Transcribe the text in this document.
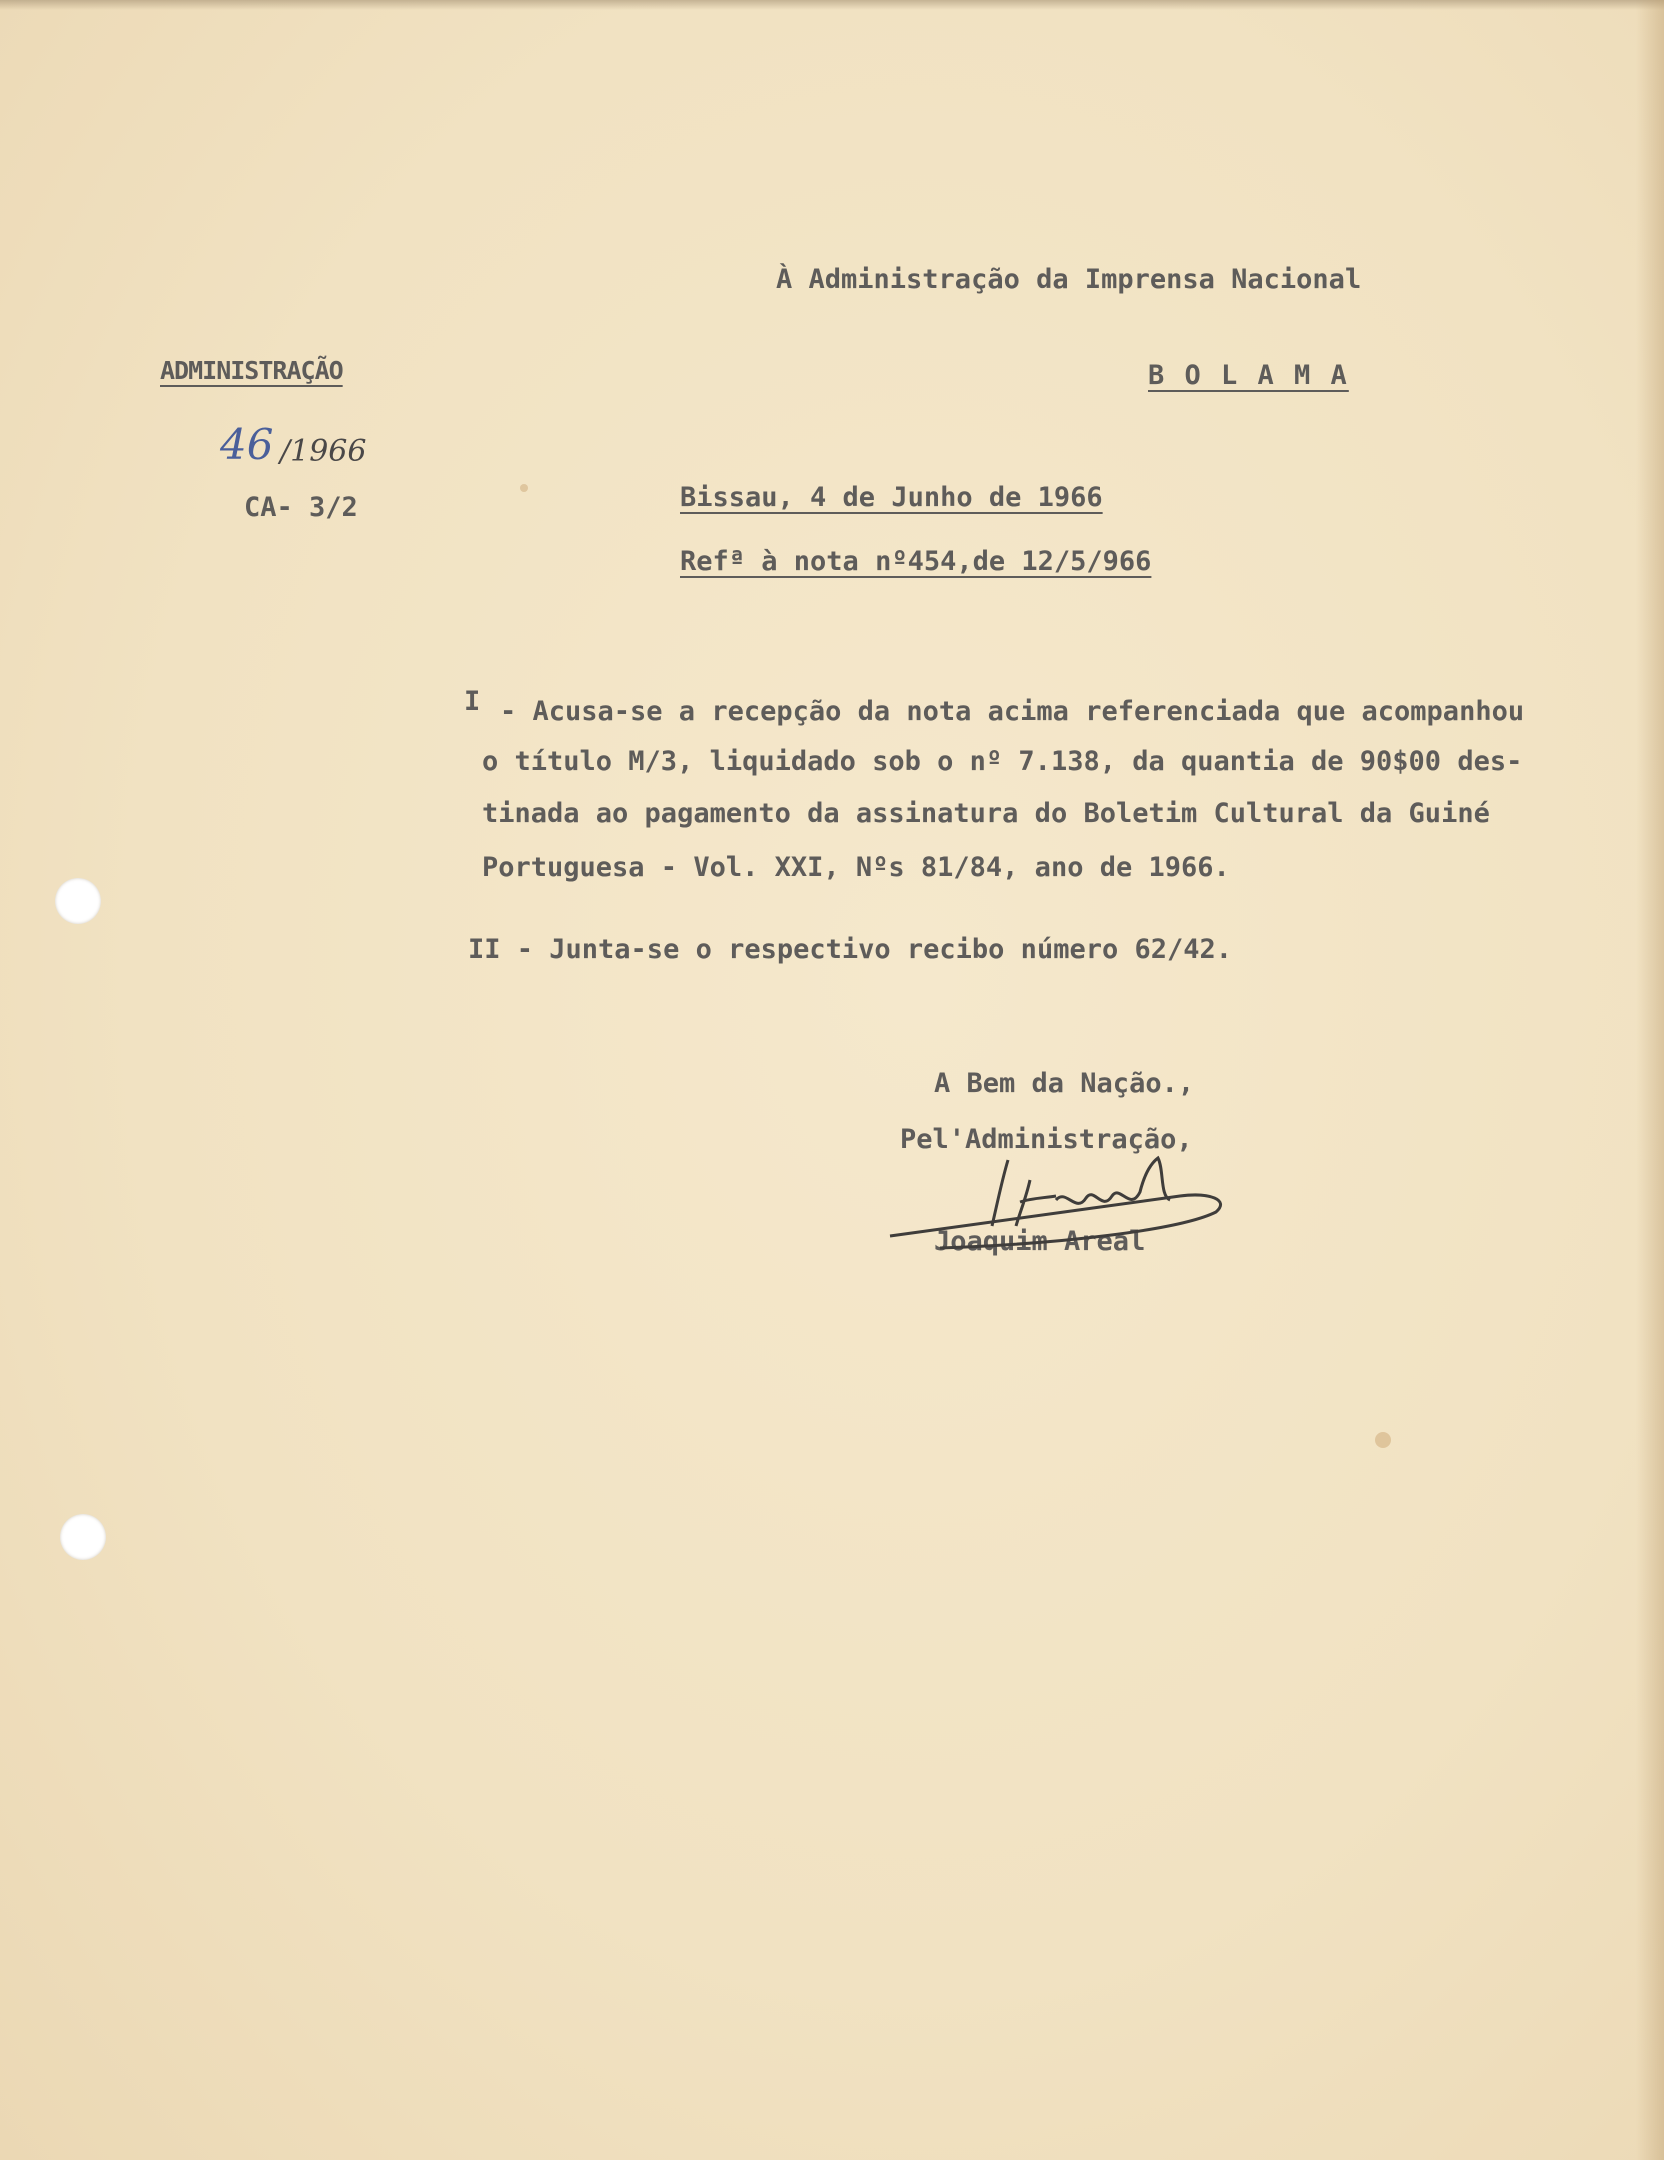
À Administração da Imprensa Nacional
B O L A M A
ADMINISTRAÇÃO
46 /1966
CA- 3/2	Bissau, 4 de Junho de 1966
Refª à nota nº454,de 12/5/966
I - Acusa-se a recepção da nota acima referenciada que acompanhou
o título M/3, liquidado sob o nº 7.138, da quantia de 90$00 des-
tinada ao pagamento da assinatura do Boletim Cultural da Guiné
Portuguesa - Vol. XXI, Nºs 81/84, ano de 1966.
II - Junta-se o respectivo recibo número 62/42.
A Bem da Nação.,
Pel'Administração,
Joaquim Areal
